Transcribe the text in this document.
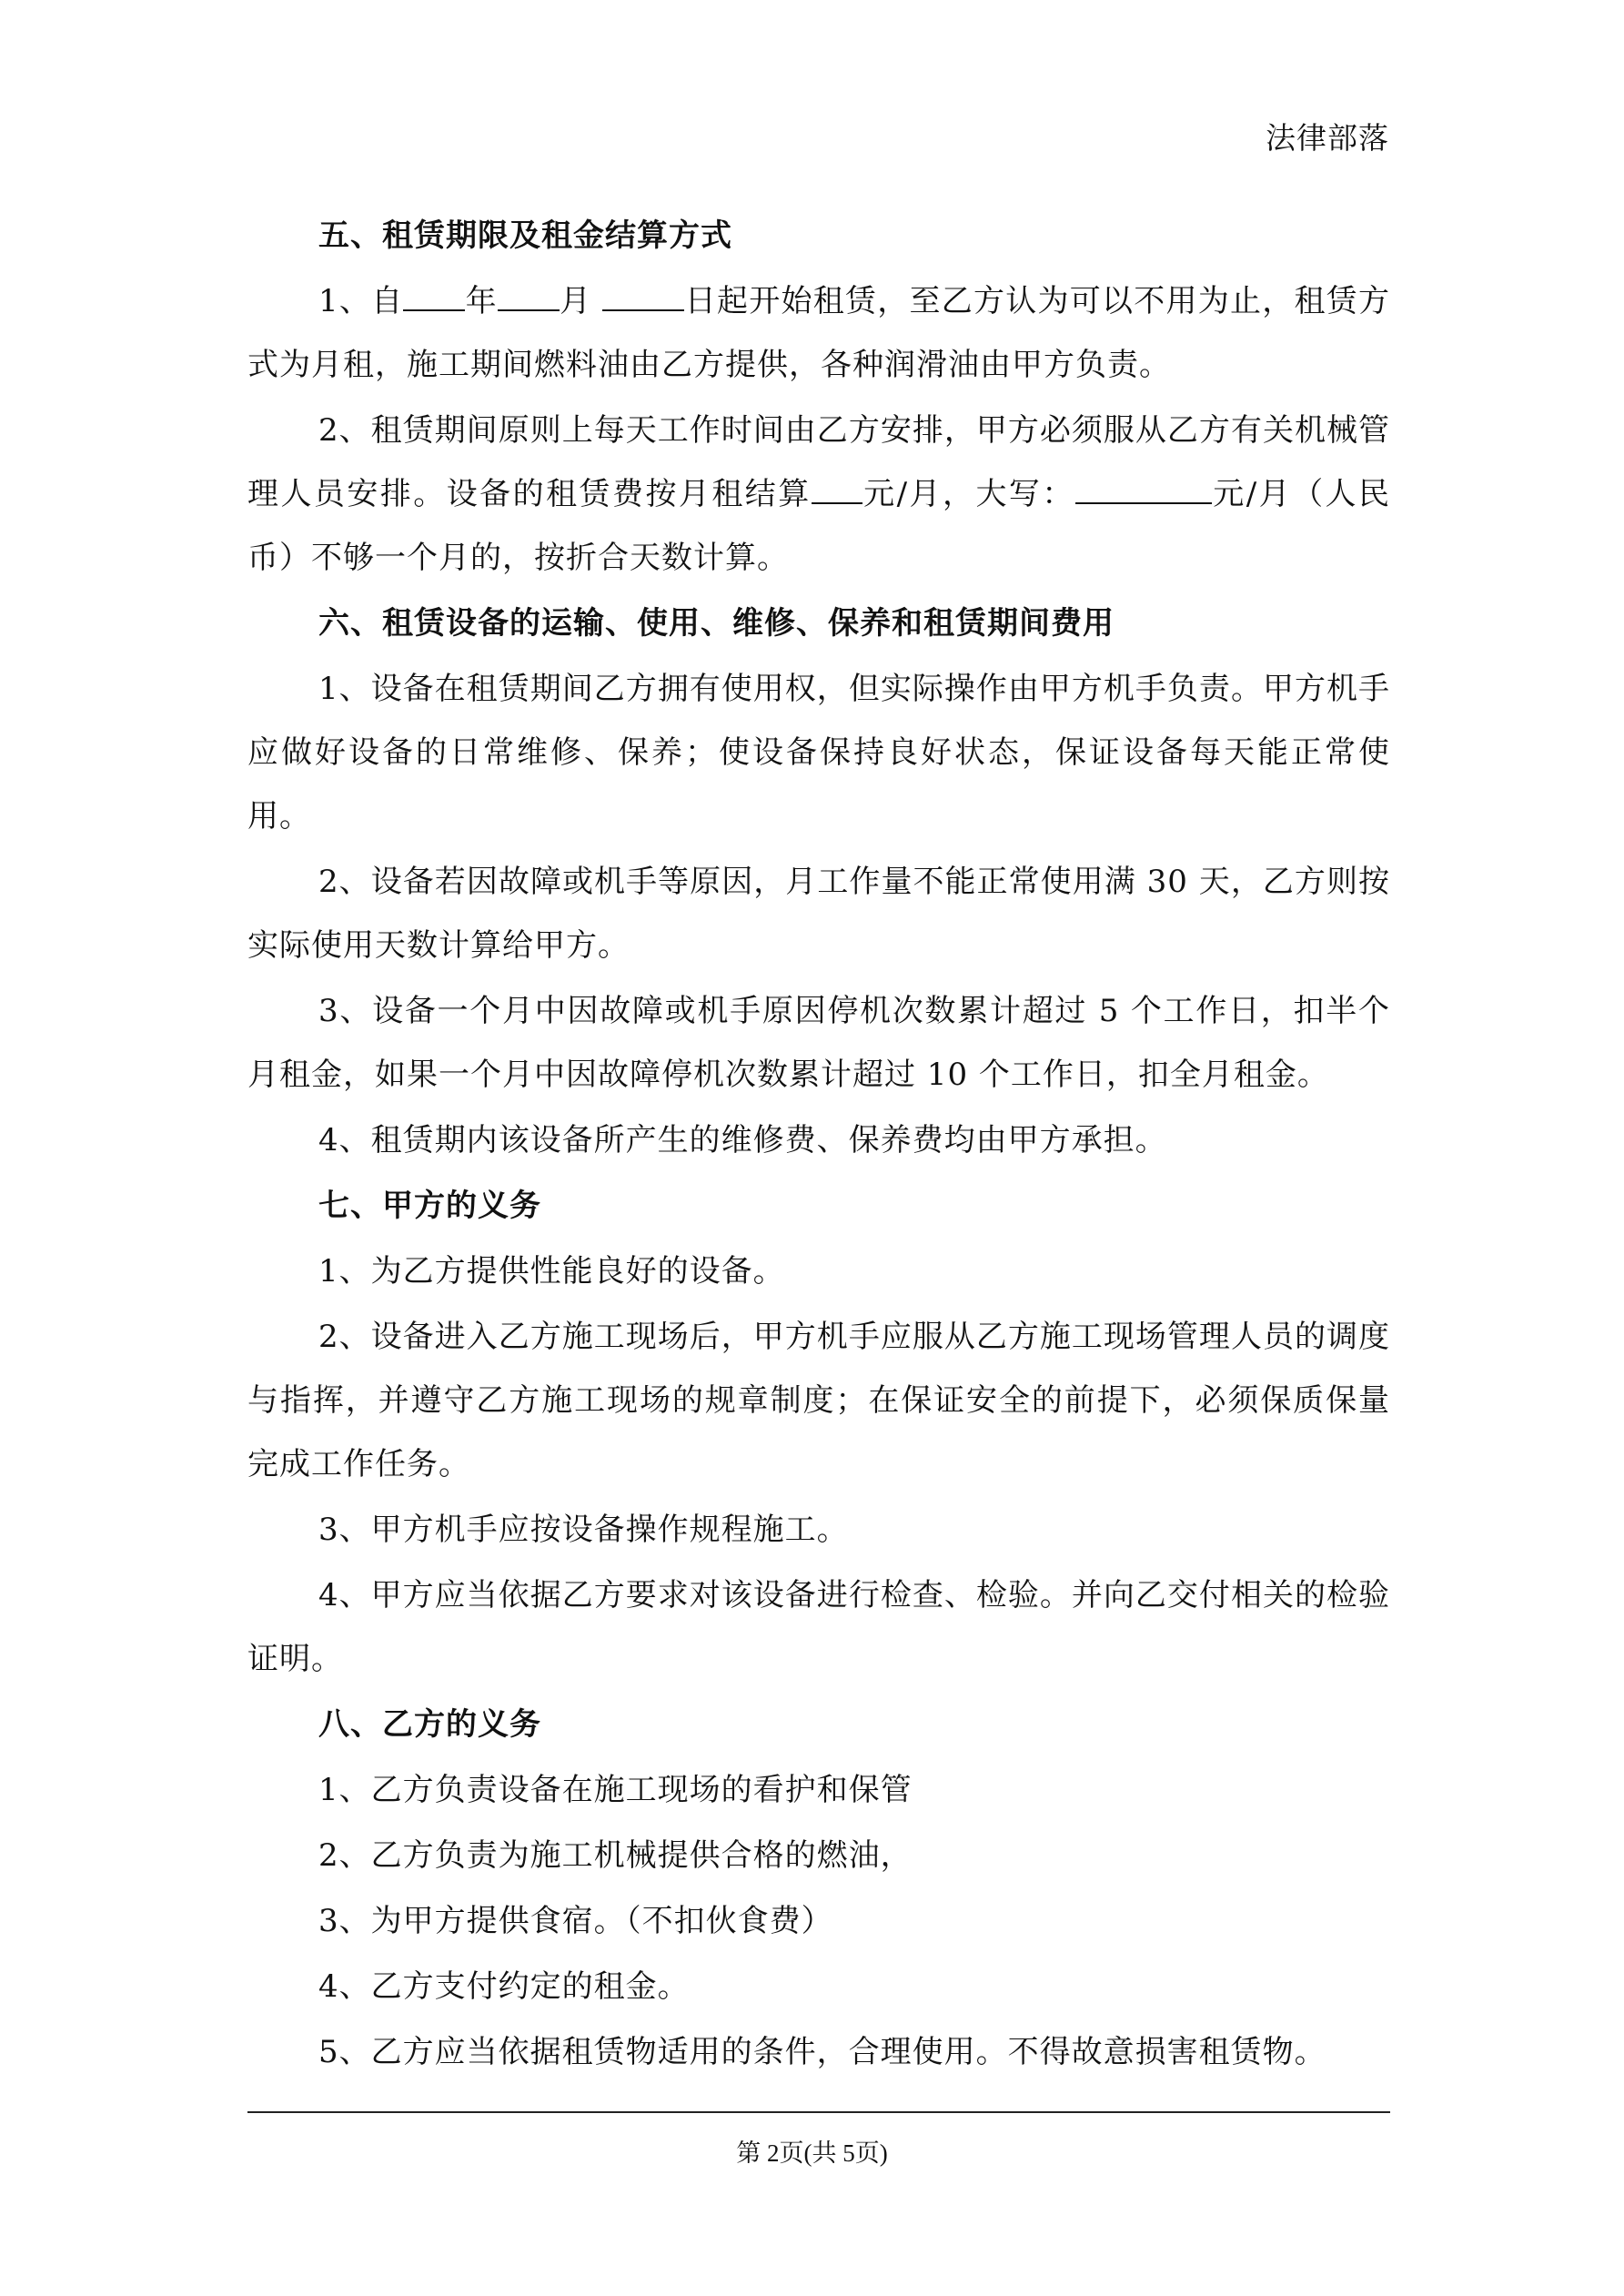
法律部落
五、租赁期限及租金结算方式
1、自 年 月	日起开始租赁，至乙方认为可以不用为止，租赁方式为月租，施工期间燃料油由乙方提供，各种润滑油由甲方负责。
2、租赁期间原则上每天工作时间由乙方安排，甲方必须服从乙方有关机械管理人员安排。设备的租赁费按月租结算 元/月，大写：	元/月（人民币）不够一个月的，按折合天数计算。
六、租赁设备的运输、使用、维修、保养和租赁期间费用
1、设备在租赁期间乙方拥有使用权，但实际操作由甲方机手负责。甲方机手应做好设备的日常维修、保养；使设备保持良好状态，保证设备每天能正常使用。
2、设备若因故障或机手等原因，月工作量不能正常使用满 30 天，乙方则按实际使用天数计算给甲方。
3、设备一个月中因故障或机手原因停机次数累计超过 5 个工作日，扣半个月租金，如果一个月中因故障停机次数累计超过 10 个工作日，扣全月租金。
4、租赁期内该设备所产生的维修费、保养费均由甲方承担。
七、甲方的义务
1、为乙方提供性能良好的设备。
2、设备进入乙方施工现场后，甲方机手应服从乙方施工现场管理人员的调度与指挥，并遵守乙方施工现场的规章制度；在保证安全的前提下，必须保质保量完成工作任务。
3、甲方机手应按设备操作规程施工。
4、甲方应当依据乙方要求对该设备进行检查、检验。并向乙交付相关的检验证明。
八、乙方的义务
1、乙方负责设备在施工现场的看护和保管
2、乙方负责为施工机械提供合格的燃油，
3、为甲方提供食宿。（不扣伙食费）
4、乙方支付约定的租金。
5、乙方应当依据租赁物适用的条件，合理使用。不得故意损害租赁物。
第 2页(共 5页)
